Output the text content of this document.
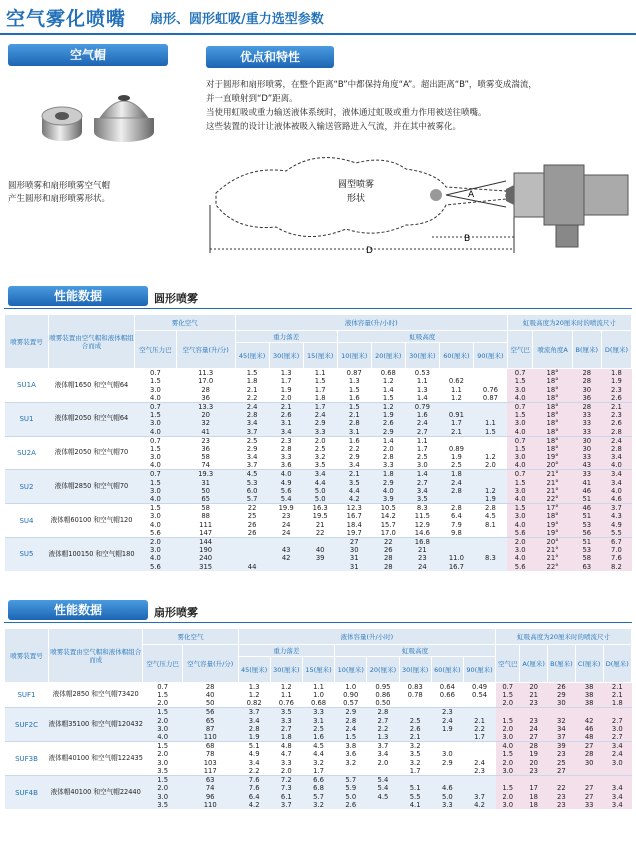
空气雾化喷嘴 扇形、圆形虹吸/重力选型参数
空气帽
圆形喷雾和扇形喷雾空气帽
产生圆形和扇形喷雾形状。
优点和特性
对于圆形和扇形喷雾，在整个距离“B”中都保持角度“A”。超出距离“B”，喷雾变成湍流，
并一直喷射到“D”距离。
当使用虹吸或重力输送液体系统时，液体通过虹吸或重力作用被送往喷嘴。
这些装置的设计让液体被吸入输送管路进入气流，并在其中被雾化。
圆型喷雾
形状	A
B
D
性能数据	圆形喷雾
喷雾装置号	喷雾装置由空气帽和液体帽组合而成	雾化空气		液体容量(升/小时)								虹吸高度为20厘米时的喷流尺寸			
		空气压力巴	空气容量(升/分)	重力落差			虹吸高度					空气巴	喷流角度A	B(厘米)	D(厘米)
				45(厘米)	30(厘米)	15(厘米)	10(厘米)	20(厘米)	30(厘米)	60(厘米)	90(厘米)				
SU1A	液体帽1650 和空气帽64	0.7	11.3	1.5	1.3	1.1	0.87	0.68	0.53			0.7	18°	28	1.8
		1.5	17.0	1.8	1.7	1.5	1.3	1.2	1.1	0.62		1.5	18°	28	1.9
		3.0	28	2.1	1.9	1.7	1.5	1.4	1.3	1.1	0.76	3.0	18°	30	2.3
		4.0	36	2.2	2.0	1.8	1.6	1.5	1.4	1.2	0.87	4.0	18°	36	2.6
SU1	液体帽2050 和空气帽64	0.7	13.3	2.4	2.1	1.7	1.5	1.2	0.79			0.7	18°	28	2.1
		1.5	20	2.8	2.6	2.4	2.1	1.9	1.6	0.91		1.5	18°	33	2.3
		3.0	32	3.4	3.1	2.9	2.8	2.6	2.4	1.7	1.1	3.0	18°	33	2.6
		4.0	41	3.7	3.4	3.3	3.1	2.9	2.7	2.1	1.5	4.0	18°	33	2.8
SU2A	液体帽2050 和空气帽70	0.7	23	2.5	2.3	2.0	1.6	1.4	1.1			0.7	18°	30	2.4
		1.5	36	2.9	2.8	2.5	2.2	2.0	1.7	0.89		1.5	18°	30	2.8
		3.0	58	3.4	3.3	3.2	2.9	2.8	2.5	1.9	1.2	3.0	19°	33	3.4
		4.0	74	3.7	3.6	3.5	3.4	3.3	3.0	2.5	2.0	4.0	20°	43	4.0
SU2	液体帽2850 和空气帽70	0.7	19.3	4.5	4.0	3.4	2.1	1.8	1.4	1.8		0.7	21°	33	3.4
		1.5	31	5.3	4.9	4.4	3.5	2.9	2.7	2.4		1.5	21°	41	3.4
		3.0	50	6.0	5.6	5.0	4.4	4.0	3.4	2.8	1.2	3.0	21°	46	4.0
		4.0	65	5.7	5.4	5.0	4.2	3.9	3.5		1.9	4.0	22°	51	4.6
SU4	液体帽60100 和空气帽120	1.5	58	22	19.9	16.3	12.3	10.5	8.3	2.8	2.8	1.5	17°	46	3.7
		3.0	88	25	23	19.5	16.7	14.2	11.5	6.4	4.5	3.0	18°	51	4.3
		4.0	111	26	24	21	18.4	15.7	12.9	7.9	8.1	4.0	19°	53	4.9
		5.6	147	26	24	22	19.7	17.0	14.6	9.8		5.6	19°	56	5.5
SU5	液体帽100150 和空气帽180	2.0	144				27	22	16.8			2.0	20°	51	6.7
		3.0	190		43	40	30	26	21			3.0	21°	53	7.0
		4.0	240		42	39	31	28	23	11.0	8.3	4.0	21°	58	7.6
		5.6	315	44			31	28	24	16.7		5.6	22°	63	8.2
性能数据	扇形喷雾
喷雾装置号	喷雾装置由空气帽和液体帽组合而成	雾化空气		液体容量(升/小时)								虹吸高度为20厘米时的喷流尺寸				
		空气压力巴	空气容量(升/分)	重力落差			虹吸高度					空气巴	A(厘米)	B(厘米)	C(厘米)	D(厘米)
				45(厘米)	30(厘米)	15(厘米)	10(厘米)	20(厘米)	30(厘米)	60(厘米)	90(厘米)					
SUF1	液体帽2850 和空气帽73420	0.7	28	1.3	1.2	1.1	1.0	0.95	0.83	0.64	0.49	0.7	20	26	38	2.1
		1.5	40	1.2	1.1	1.0	0.90	0.86	0.78	0.66	0.54	1.5	21	29	38	2.1
		2.0	50	0.82	0.76	0.68	0.57	0.50				2.0	23	30	38	1.8
SUF2C	液体帽35100 和空气帽120432	1.5	56	3.7	3.5	3.3	2.9	2.8		2.3						
		2.0	65	3.4	3.3	3.1	2.8	2.7	2.5	2.4	2.1	1.5	23	32	42	2.7
		3.0	87	2.8	2.7	2.5	2.4	2.2	2.6	1.9	2.2	2.0	24	34	46	3.0
		4.0	110	1.9	1.8	1.6	1.5	1.3	2.1		1.7	3.0	27	37	48	2.7
SUF3B	液体帽40100 和空气帽122435	1.5	68	5.1	4.8	4.5	3.8	3.7	3.2			4.0	28	39	27	3.4
		2.0	78	4.9	4.7	4.4	3.6	3.4	3.5	3.0		1.5	19	23	28	2.4
		3.0	103	3.4	3.3	3.2	3.2	2.0	3.2	2.9	2.4	2.0	20	25	30	3.0
		3.5	117	2.2	2.0	1.7			1.7		2.3	3.0	23	27		
SUF4B	液体帽40100 和空气帽22440	1.5	63	7.6	7.2	6.6	5.7	5.4								
		2.0	74	7.6	7.3	6.8	5.9	5.4	5.1	4.6		1.5	17	22	27	3.4
		3.0	96	6.4	6.1	5.7	5.0	4.5	5.5	5.0	3.7	2.0	18	23	27	3.4
		3.5	110	4.2	3.7	3.2	2.6		4.1	3.3	4.2	3.0	18	23	33	3.4
